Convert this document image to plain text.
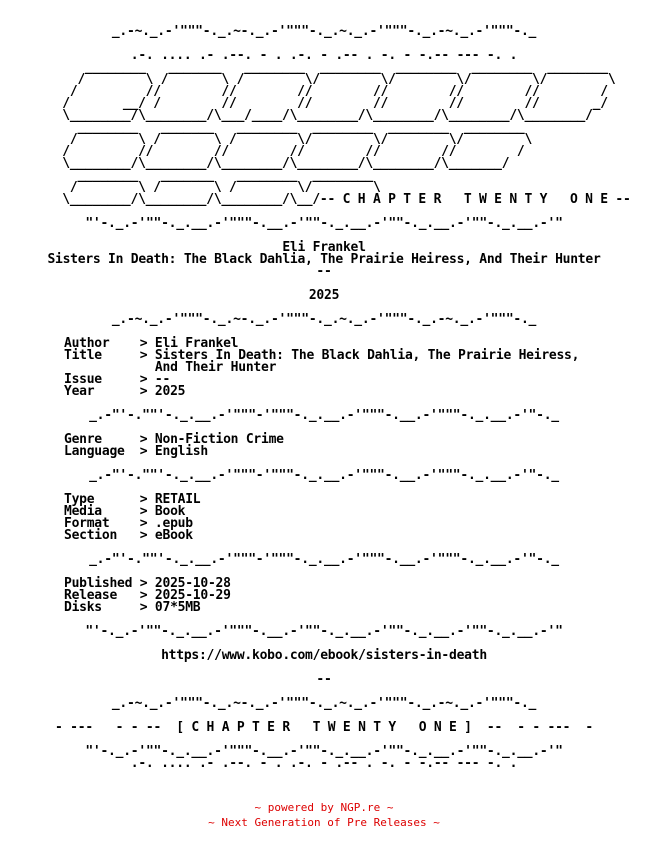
_.-~._.-'"""-._.~-._.-'"""-._.~._.-'"""-._.-~._.-'"""-._
.-. .... .- .--. - . .-. - .-- . -. - -.-- --- -. .
________   _______   ________  ________  ________  ________  ________
/        \ /       \ /        \/        \/        \/        \/        \
/         //        //        //        //        //        //        /
/       __/ /        //        //        //        //        //       _/
\________/\________/\___/____/\________/\________/\________/\________/
________   _______   ________  ________  ________  ________
/        \ /       \ /        \/        \/        \/        \
/         //        //        //        //        //        /
\________/\________/\________/\________/\________/\_______/
________   _______   ________  ________
/        \ /       \ /        \/        \
\________/\________/\________/\__/-- C H A P T E R   T W E N T Y   O N E --
"'-._.-'""-._.__.-'"""-.__.-'""-._.__.-'""-._.__.-'""-._.__.-'"
Eli Frankel
Sisters In Death: The Black Dahlia, The Prairie Heiress, And Their Hunter
--
2025
_.-~._.-'"""-._.~-._.-'"""-._.~._.-'"""-._.-~._.-'"""-._
Author    > Eli Frankel
Title     > Sisters In Death: The Black Dahlia, The Prairie Heiress,
And Their Hunter
Issue     > --
Year      > 2025
_.-"'-.""'-._.__.-'"""-'"""-._.__.-'"""-.__.-'"""-._.__.-'"-._
Genre     > Non-Fiction Crime
Language  > English
_.-"'-.""'-._.__.-'"""-'"""-._.__.-'"""-.__.-'"""-._.__.-'"-._
Type      > RETAIL
Media     > Book
Format    > .epub
Section   > eBook
_.-"'-.""'-._.__.-'"""-'"""-._.__.-'"""-.__.-'"""-._.__.-'"-._
Published > 2025-10-28
Release   > 2025-10-29
Disks     > 07*5MB
"'-._.-'""-._.__.-'"""-.__.-'""-._.__.-'""-._.__.-'""-._.__.-'"
https://www.kobo.com/ebook/sisters-in-death
--
_.-~._.-'"""-._.~-._.-'"""-._.~._.-'"""-._.-~._.-'"""-._
- ---   - - --  [ C H A P T E R   T W E N T Y   O N E ]  --  - - ---  -
"'-._.-'""-._.__.-'"""-.__.-'""-._.__.-'""-._.__.-'""-._.__.-'"
.-. .... .- .--. - . .-. - .-- . -. - -.-- --- -. .
~ powered by NGP.re ~
~ Next Generation of Pre Releases ~
